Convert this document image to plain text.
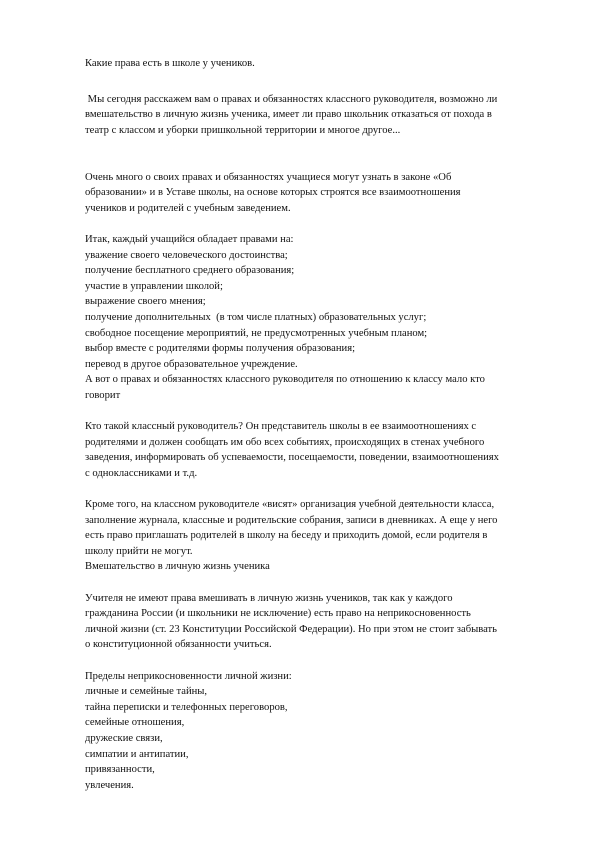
Какие права есть в школе у учеников.

Мы сегодня расскажем вам о правах и обязанностях классного руководителя, возможно ли
вмешательство в личную жизнь ученика, имеет ли право школьник отказаться от похода в
театр с классом и уборки пришкольной территории и многое другое...

Очень много о своих правах и обязанностях учащиеся могут узнать в законе «Об
образовании» и в Уставе школы, на основе которых строятся все взаимоотношения
учеников и родителей с учебным заведением.

Итак, каждый учащийся обладает правами на:
уважение своего человеческого достоинства;
получение бесплатного среднего образования;
участие в управлении школой;
выражение своего мнения;
получение дополнительных  (в том числе платных) образовательных услуг;
свободное посещение мероприятий, не предусмотренных учебным планом;
выбор вместе с родителями формы получения образования;
перевод в другое образовательное учреждение.
А вот о правах и обязанностях классного руководителя по отношению к классу мало кто
говорит

Кто такой классный руководитель? Он представитель школы в ее взаимоотношениях с
родителями и должен сообщать им обо всех событиях, происходящих в стенах учебного
заведения, информировать об успеваемости, посещаемости, поведении, взаимоотношениях
с одноклассниками и т.д.

Кроме того, на классном руководителе «висят» организация учебной деятельности класса,
заполнение журнала, классные и родительские собрания, записи в дневниках. А еще у него
есть право приглашать родителей в школу на беседу и приходить домой, если родителя в
школу прийти не могут.
Вмешательство в личную жизнь ученика

Учителя не имеют права вмешивать в личную жизнь учеников, так как у каждого
гражданина России (и школьники не исключение) есть право на неприкосновенность
личной жизни (ст. 23 Конституции Российской Федерации). Но при этом не стоит забывать
о конституционной обязанности учиться.

Пределы неприкосновенности личной жизни:
личные и семейные тайны,
тайна переписки и телефонных переговоров,
семейные отношения,
дружеские связи,
симпатии и антипатии,
привязанности,
увлечения.
